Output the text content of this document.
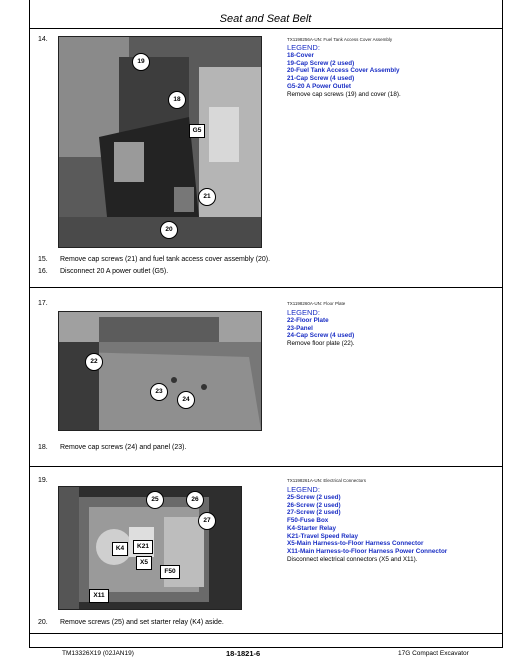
Seat and Seat Belt
14.
19
18
G5
21
20
TX1198256A-UN: Fuel Tank Access Cover Assembly
LEGEND:
18-Cover
19-Cap Screw (2 used)
20-Fuel Tank Access Cover Assembly
21-Cap Screw (4 used)
G5-20 A Power Outlet
Remove cap screws (19) and cover (18).
15. Remove cap screws (21) and fuel tank access cover assembly (20).
16. Disconnect 20 A power outlet (G5).
17.
22
23
24
TX1198260A-UN: Floor Plate
LEGEND:
22-Floor Plate
23-Panel
24-Cap Screw (4 used)
Remove floor plate (22).
18. Remove cap screws (24) and panel (23).
19.
25	26
27
K4	K21
X5
F50
X11
TX1198261A-UN: Electrical Connectors
LEGEND:
25-Screw (2 used)
26-Screw (2 used)
27-Screw (2 used)
F50-Fuse Box
K4-Starter Relay
K21-Travel Speed Relay
X5-Main Harness-to-Floor Harness Connector
X11-Main Harness-to-Floor Harness Power Connector
Disconnect electrical connectors (X5 and X11).
20. Remove screws (25) and set starter relay (K4) aside.
TM13326X19 (02JAN19)	18-1821-6	17G Compact Excavator
